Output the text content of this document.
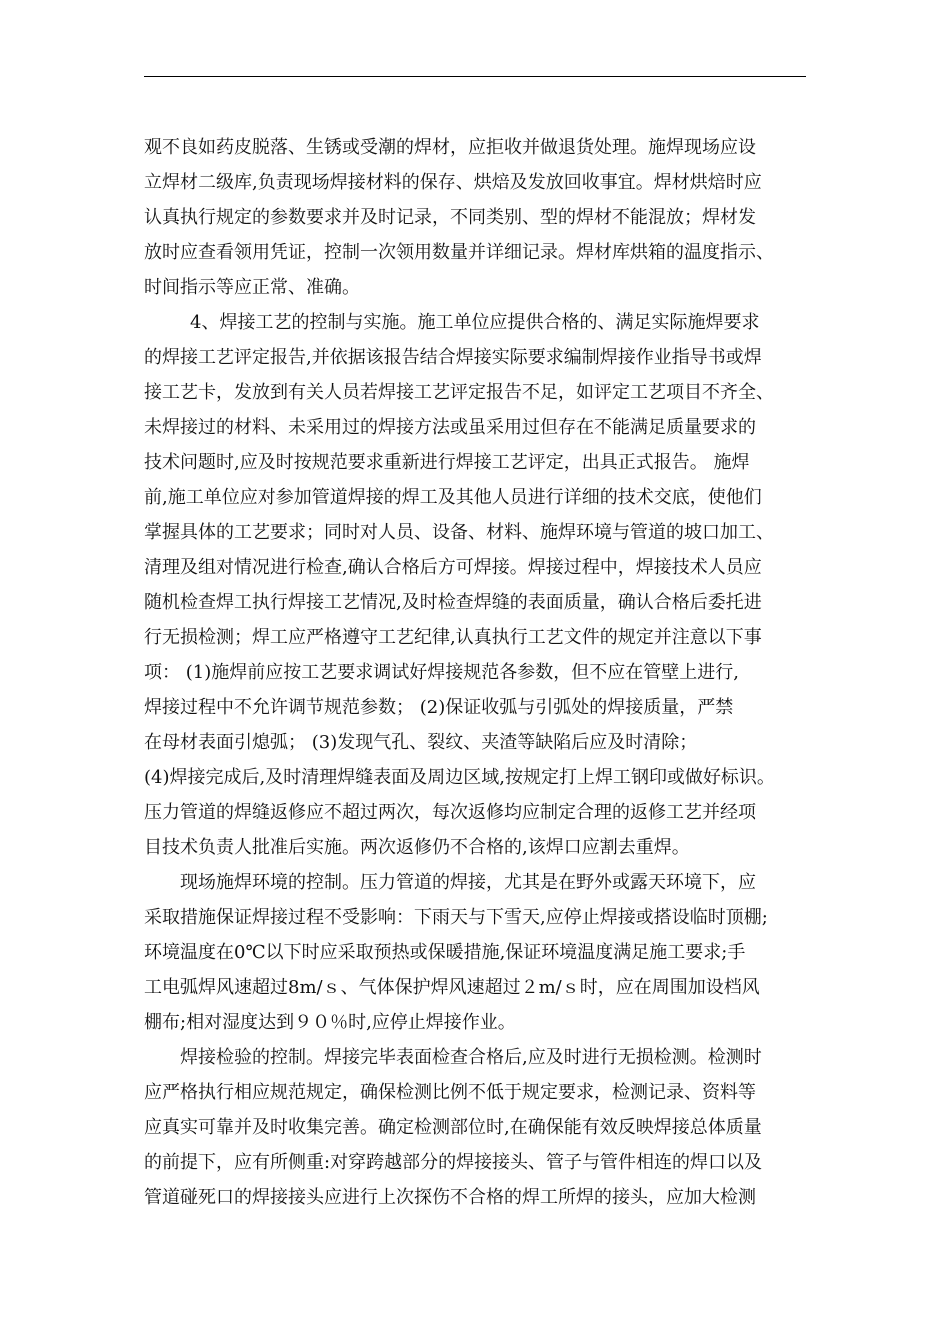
观不良如药皮脱落、生锈或受潮的焊材，应拒收并做退货处理。施焊现场应设
立焊材二级库,负责现场焊接材料的保存、烘焙及发放回收事宜。焊材烘焙时应
认真执行规定的参数要求并及时记录，不同类别、型的焊材不能混放；焊材发
放时应查看领用凭证，控制一次领用数量并详细记录。焊材库烘箱的温度指示、
时间指示等应正常、准确。
4、焊接工艺的控制与实施。施工单位应提供合格的、满足实际施焊要求
的焊接工艺评定报告,并依据该报告结合焊接实际要求编制焊接作业指导书或焊
接工艺卡，发放到有关人员若焊接工艺评定报告不足，如评定工艺项目不齐全、
未焊接过的材料、未采用过的焊接方法或虽采用过但存在不能满足质量要求的
技术问题时,应及时按规范要求重新进行焊接工艺评定，出具正式报告。 施焊
前,施工单位应对参加管道焊接的焊工及其他人员进行详细的技术交底，使他们
掌握具体的工艺要求；同时对人员、设备、材料、施焊环境与管道的坡口加工、
清理及组对情况进行检查,确认合格后方可焊接。焊接过程中，焊接技术人员应
随机检查焊工执行焊接工艺情况,及时检查焊缝的表面质量，确认合格后委托进
行无损检测；焊工应严格遵守工艺纪律,认真执行工艺文件的规定并注意以下事
项： (1)施焊前应按工艺要求调试好焊接规范各参数，但不应在管壁上进行,
焊接过程中不允许调节规范参数； (2)保证收弧与引弧处的焊接质量，严禁
在母材表面引熄弧； (3)发现气孔、裂纹、夹渣等缺陷后应及时清除；
(4)焊接完成后,及时清理焊缝表面及周边区域,按规定打上焊工钢印或做好标识。
压力管道的焊缝返修应不超过两次，每次返修均应制定合理的返修工艺并经项
目技术负责人批准后实施。两次返修仍不合格的,该焊口应割去重焊。
现场施焊环境的控制。压力管道的焊接，尤其是在野外或露天环境下，应
采取措施保证焊接过程不受影响：下雨天与下雪天,应停止焊接或搭设临时顶棚;
环境温度在0℃以下时应采取预热或保暖措施,保证环境温度满足施工要求;手
工电弧焊风速超过8m/ｓ、气体保护焊风速超过２m/ｓ时，应在周围加设档风
棚布;相对湿度达到９０％时,应停止焊接作业。
焊接检验的控制。焊接完毕表面检查合格后,应及时进行无损检测。检测时
应严格执行相应规范规定，确保检测比例不低于规定要求，检测记录、资料等
应真实可靠并及时收集完善。确定检测部位时,在确保能有效反映焊接总体质量
的前提下，应有所侧重:对穿跨越部分的焊接接头、管子与管件相连的焊口以及
管道碰死口的焊接接头应进行上次探伤不合格的焊工所焊的接头，应加大检测
